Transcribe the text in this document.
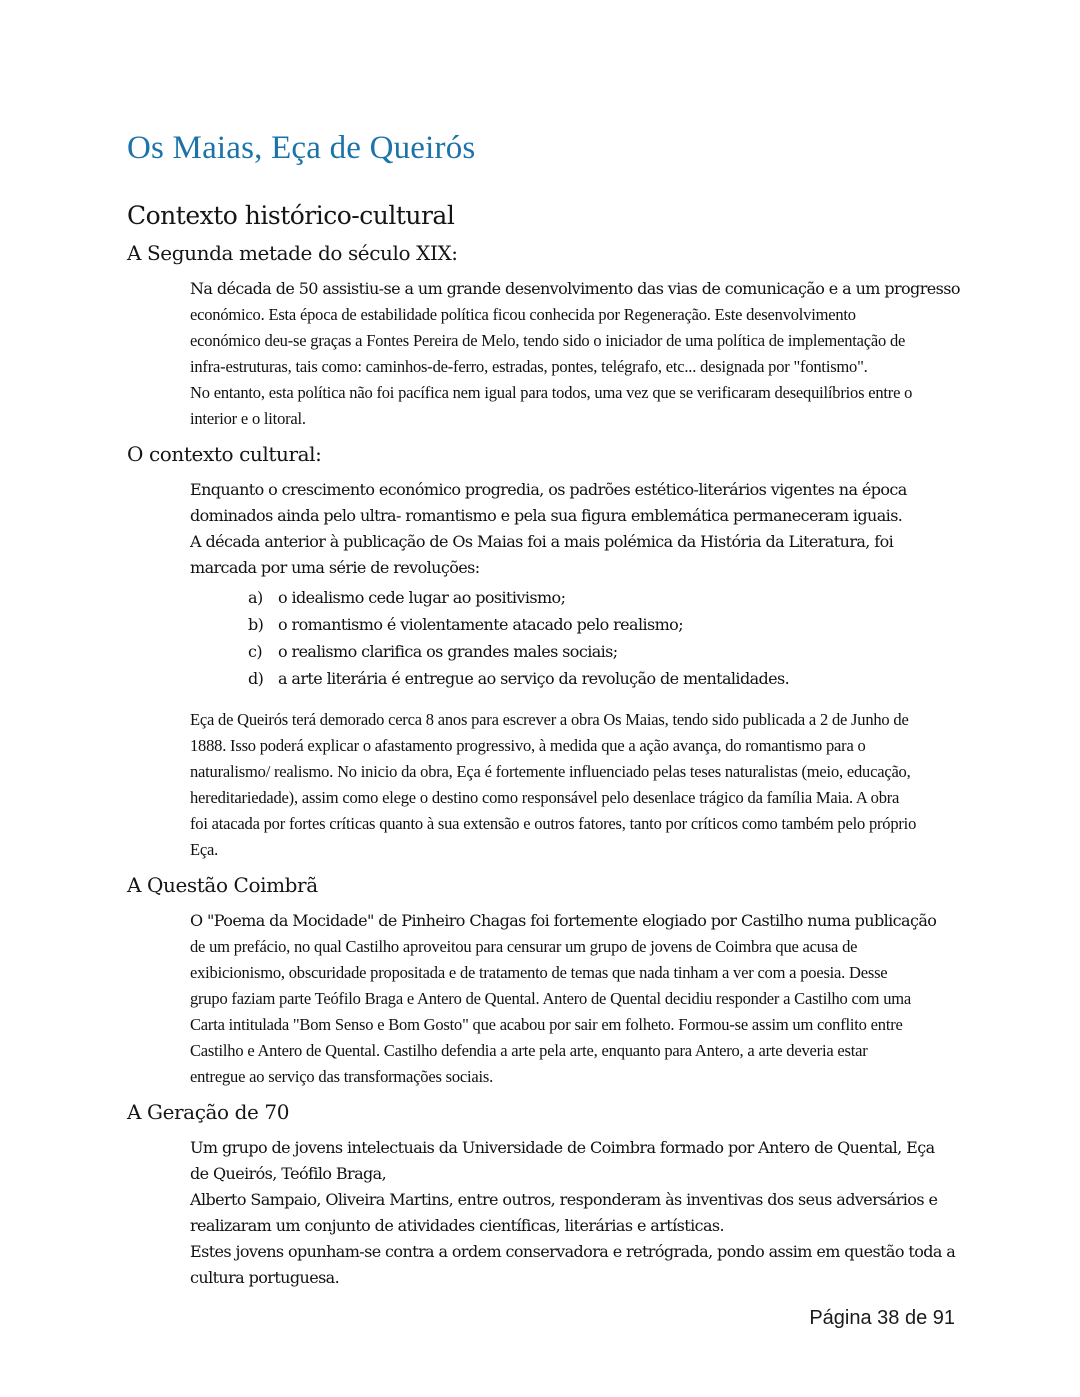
Os Maias, Eça de Queirós
Contexto histórico-cultural
A Segunda metade do século XIX:
Na década de 50 assistiu-se a um grande desenvolvimento das vias de comunicação e a um progresso
económico. Esta época de estabilidade política ficou conhecida por Regeneração. Este desenvolvimento
económico deu-se graças a Fontes Pereira de Melo, tendo sido o iniciador de uma política de implementação de
infra-estruturas, tais como: caminhos-de-ferro, estradas, pontes, telégrafo, etc... designada por "fontismo".
No entanto, esta política não foi pacífica nem igual para todos, uma vez que se verificaram desequilíbrios entre o
interior e o litoral.
O contexto cultural:
Enquanto o crescimento económico progredia, os padrões estético-literários vigentes na época
dominados ainda pelo ultra- romantismo e pela sua figura emblemática permaneceram iguais.
A década anterior à publicação de Os Maias foi a mais polémica da História da Literatura, foi
marcada por uma série de revoluções:
a) o idealismo cede lugar ao positivismo;
b) o romantismo é violentamente atacado pelo realismo;
c) o realismo clarifica os grandes males sociais;
d) a arte literária é entregue ao serviço da revolução de mentalidades.
Eça de Queirós terá demorado cerca 8 anos para escrever a obra Os Maias, tendo sido publicada a 2 de Junho de
1888. Isso poderá explicar o afastamento progressivo, à medida que a ação avança, do romantismo para o
naturalismo/ realismo. No inicio da obra, Eça é fortemente influenciado pelas teses naturalistas (meio, educação,
hereditariedade), assim como elege o destino como responsável pelo desenlace trágico da família Maia. A obra
foi atacada por fortes críticas quanto à sua extensão e outros fatores, tanto por críticos como também pelo próprio
Eça.
A Questão Coimbrã
O "Poema da Mocidade" de Pinheiro Chagas foi fortemente elogiado por Castilho numa publicação
de um prefácio, no qual Castilho aproveitou para censurar um grupo de jovens de Coimbra que acusa de
exibicionismo, obscuridade propositada e de tratamento de temas que nada tinham a ver com a poesia. Desse
grupo faziam parte Teófilo Braga e Antero de Quental. Antero de Quental decidiu responder a Castilho com uma
Carta intitulada "Bom Senso e Bom Gosto" que acabou por sair em folheto. Formou-se assim um conflito entre
Castilho e Antero de Quental. Castilho defendia a arte pela arte, enquanto para Antero, a arte deveria estar
entregue ao serviço das transformações sociais.
A Geração de 70
Um grupo de jovens intelectuais da Universidade de Coimbra formado por Antero de Quental, Eça
de Queirós, Teófilo Braga,
Alberto Sampaio, Oliveira Martins, entre outros, responderam às inventivas dos seus adversários e
realizaram um conjunto de atividades científicas, literárias e artísticas.
Estes jovens opunham-se contra a ordem conservadora e retrógrada, pondo assim em questão toda a
cultura portuguesa.
Página 38 de 91
